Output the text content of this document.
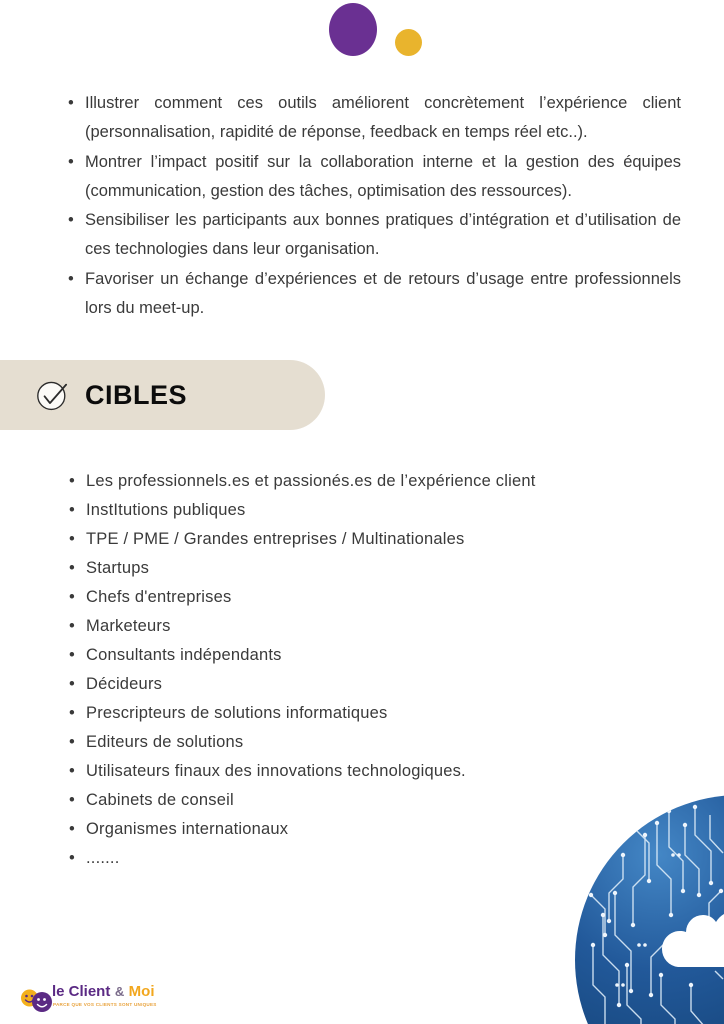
• Illustrer comment ces outils améliorent concrètement l’expérience client (personnalisation, rapidité de réponse, feedback en temps réel etc..).
• Montrer l’impact positif sur la collaboration interne et la gestion des équipes (communication, gestion des tâches, optimisation des ressources).
• Sensibiliser les participants aux bonnes pratiques d’intégration et d’utilisation de ces technologies dans leur organisation.
• Favoriser un échange d’expériences et de retours d’usage entre professionnels lors du meet-up.
CIBLES
• Les professionnels.es et passionés.es de l’expérience client
• InstItutions publiques
• TPE / PME / Grandes entreprises / Multinationales
• Startups
• Chefs d'entreprises
• Marketeurs
• Consultants indépendants
• Décideurs
• Prescripteurs de solutions informatiques
• Editeurs de solutions
• Utilisateurs finaux des innovations technologiques.
• Cabinets de conseil
• Organismes internationaux
• .......
le Client & Moi
PARCE QUE VOS CLIENTS SONT UNIQUES
